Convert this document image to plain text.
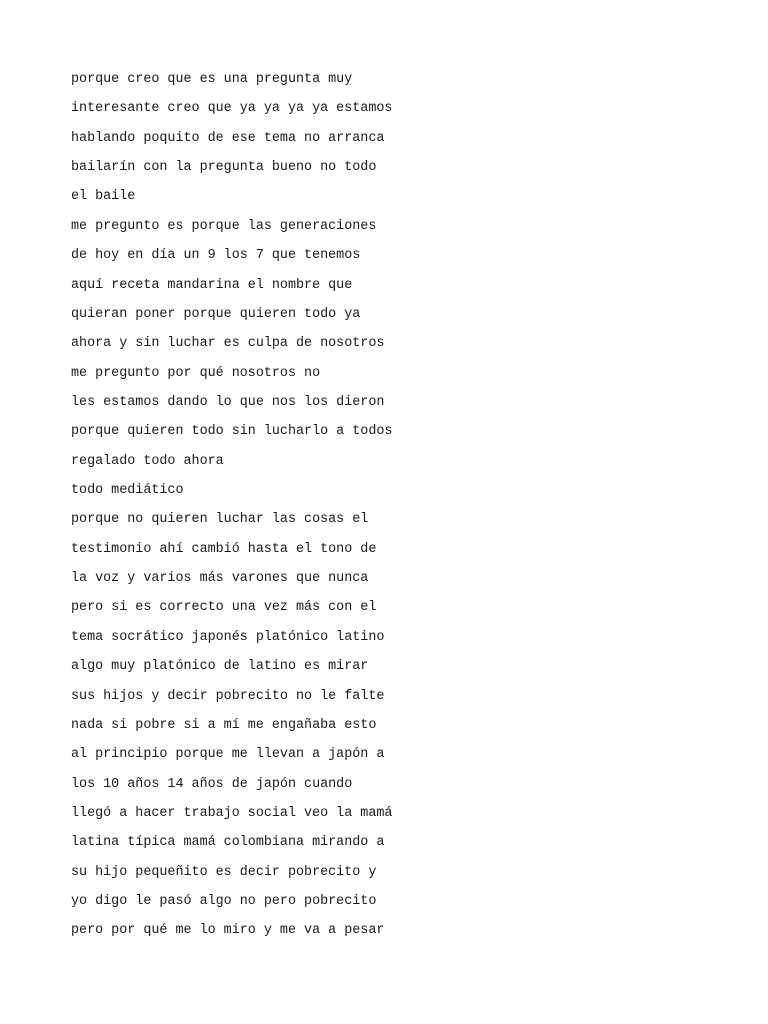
porque creo que es una pregunta muy
interesante creo que ya ya ya ya estamos
hablando poquito de ese tema no arranca
bailarín con la pregunta bueno no todo
el baile
me pregunto es porque las generaciones
de hoy en día un 9 los 7 que tenemos
aquí receta mandarina el nombre que
quieran poner porque quieren todo ya
ahora y sin luchar es culpa de nosotros
me pregunto por qué nosotros no
les estamos dando lo que nos los dieron
porque quieren todo sin lucharlo a todos
regalado todo ahora
todo mediático
porque no quieren luchar las cosas el
testimonio ahí cambió hasta el tono de
la voz y varios más varones que nunca
pero si es correcto una vez más con el
tema socrático japonés platónico latino
algo muy platónico de latino es mirar
sus hijos y decir pobrecito no le falte
nada si pobre si a mí me engañaba esto
al principio porque me llevan a japón a
los 10 años 14 años de japón cuando
llegó a hacer trabajo social veo la mamá
latina típica mamá colombiana mirando a
su hijo pequeñito es decir pobrecito y
yo digo le pasó algo no pero pobrecito
pero por qué me lo miro y me va a pesar
